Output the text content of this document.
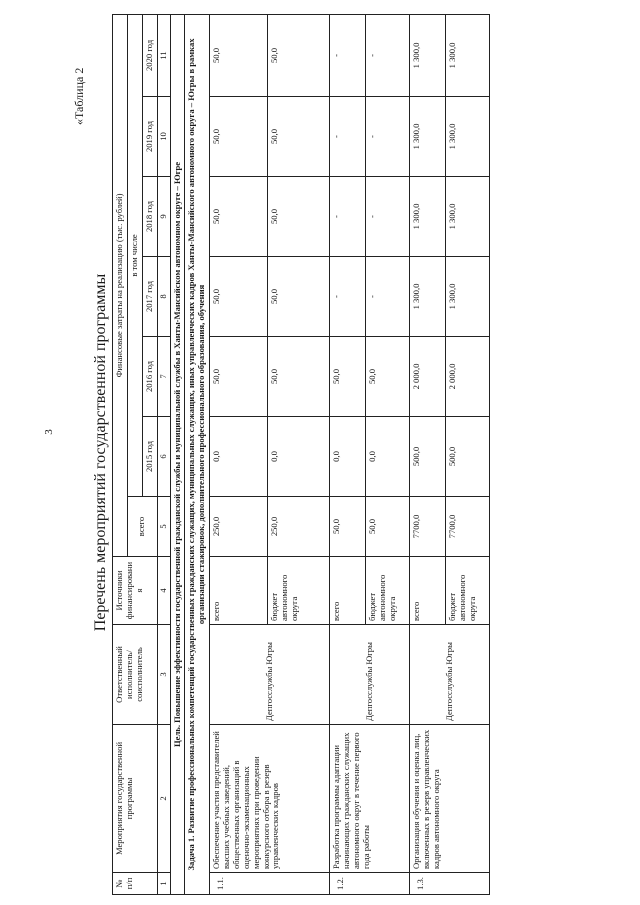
3
«Таблица 2
Перечень мероприятий государственной программы
№ п/п	Мероприятия государственной программы	Ответственный исполнитель/ соисполнитель	Источники финансировани я	Финансовые затраты на реализацию (тыс. рублей)						
				всего	в том числе					
					2015 год	2016 год	2017 год	2018 год	2019 год	2020 год
1	2	3	4	5	6	7	8	9	10	11
Цель. Повышение эффективности государственной гражданской службы и муниципальной службы в Ханты-Мансийском автономном округе – Югре										
Задача 1. Развитие профессиональных компетенций государственных гражданских служащих, муниципальных служащих, иных управленческих кадров Ханты-Мансийского автономного округа – Югры в рамках организации стажировок, дополнительного профессионального образования, обучения										
1.1.	Обеспечение участия представителей высших учебных заведений, общественных организаций в оценочно-экзаменационных мероприятиях при проведении конкурсного отбора в резерв управленческих кадров	Депгосслужбы Югры	всего	250,0	0,0	50,0	50,0	50,0	50,0	50,0
			бюджет автономного округа	250,0	0,0	50,0	50,0	50,0	50,0	50,0
1.2.	Разработка программы адаптации начинающих гражданских служащих автономного округ в течение первого года работы	Депгосслужбы Югры	всего	50,0	0,0	50,0	-	-	-	-
			бюджет автономного округа	50,0	0,0	50,0	-	-	-	-
1.3.	Организация обучения и оценка лиц, включенных в резерв управленческих кадров автономного округа	Депгосслужбы Югры	всего	7700,0	500,0	2 000,0	1 300,0	1 300,0	1 300,0	1 300,0
			бюджет автономного округа	7700,0	500,0	2 000,0	1 300,0	1 300,0	1 300,0	1 300,0
